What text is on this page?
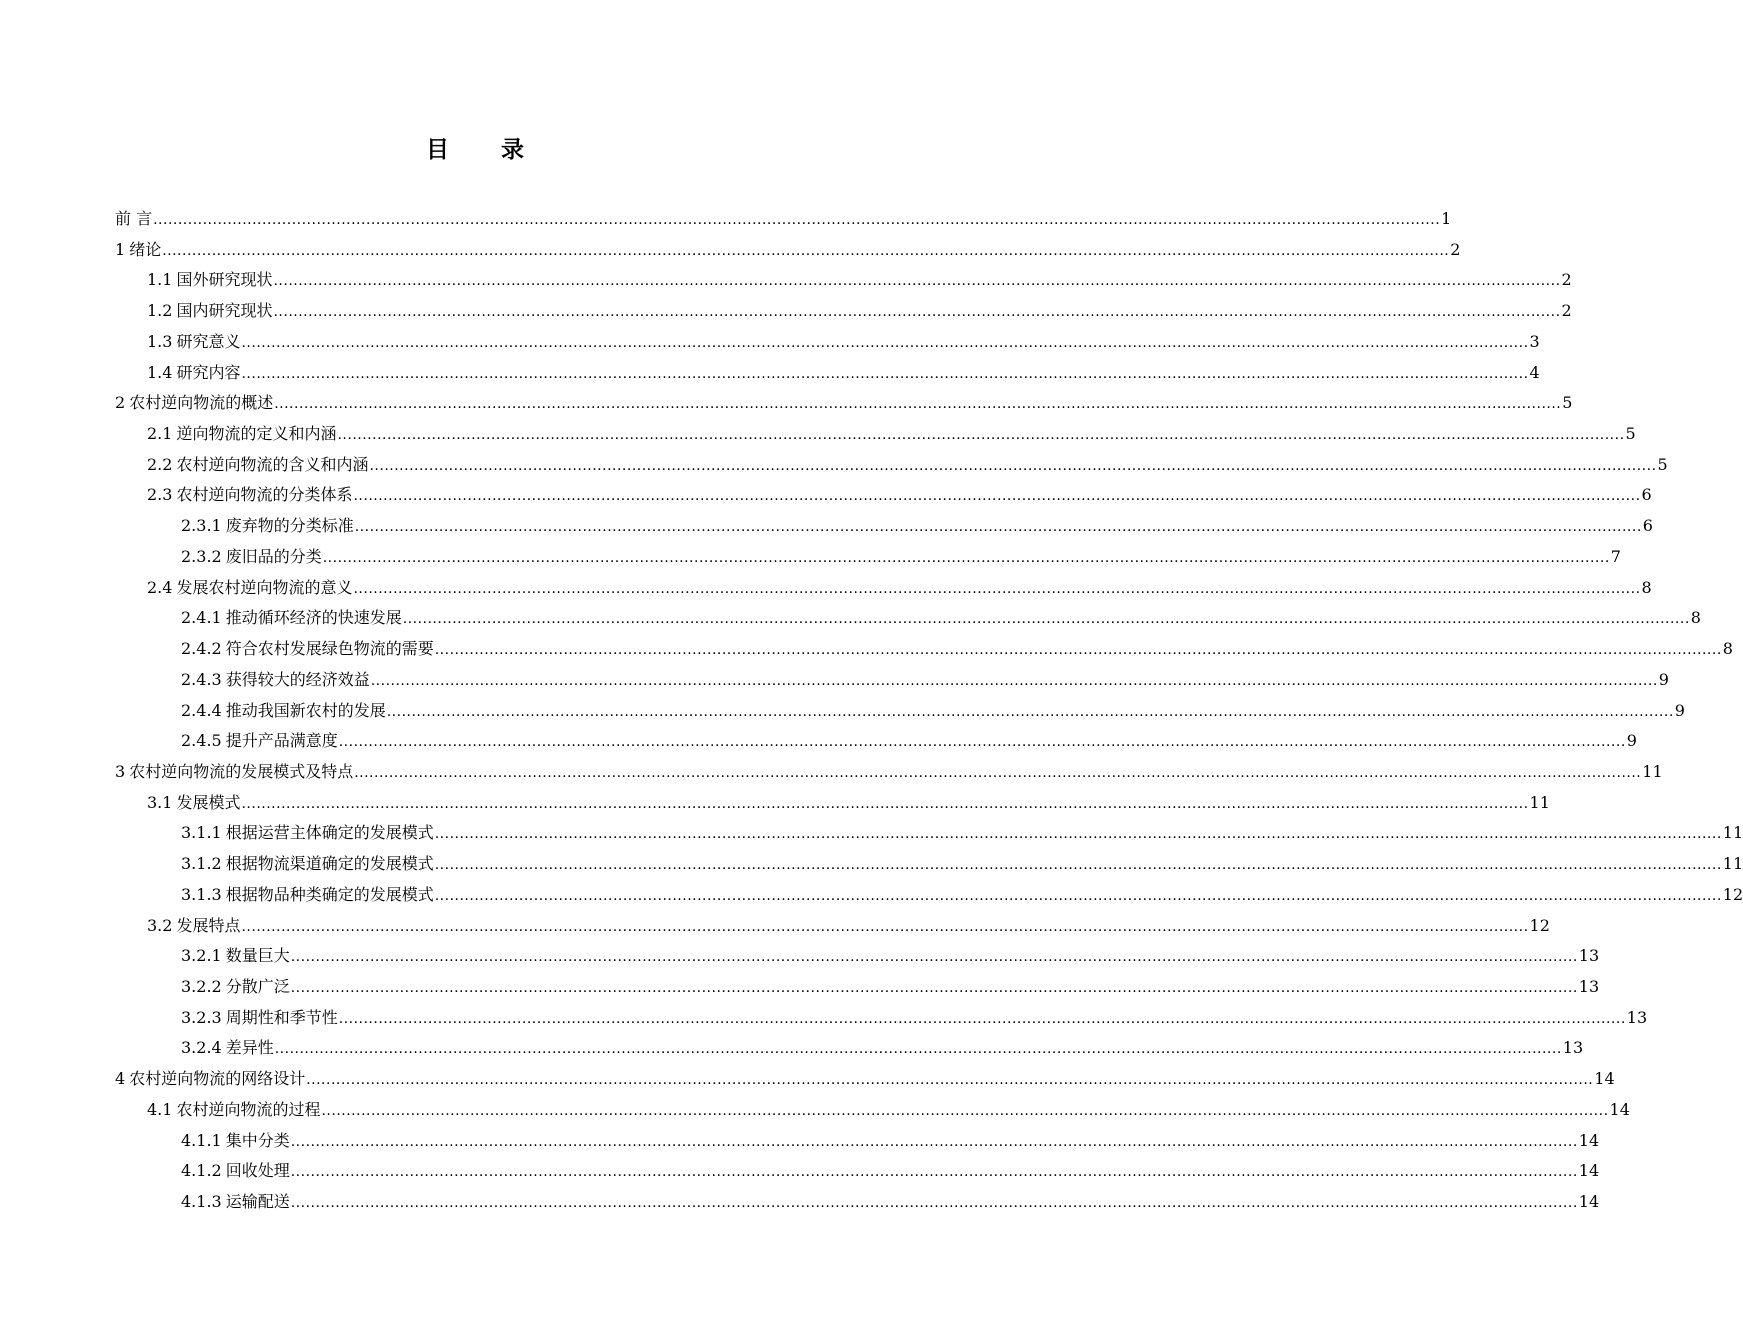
目 录
前 言 .................................................................................................................................................................................................................................................................... 1
1 绪论 .................................................................................................................................................................................................................................................................... 2
1.1 国外研究现状 .................................................................................................................................................................................................................................................................... 2
1.2 国内研究现状 .................................................................................................................................................................................................................................................................... 2
1.3 研究意义 .................................................................................................................................................................................................................................................................... 3
1.4 研究内容 .................................................................................................................................................................................................................................................................... 4
2 农村逆向物流的概述 .................................................................................................................................................................................................................................................................... 5
2.1 逆向物流的定义和内涵 .................................................................................................................................................................................................................................................................... 5
2.2 农村逆向物流的含义和内涵 .................................................................................................................................................................................................................................................................... 5
2.3 农村逆向物流的分类体系 .................................................................................................................................................................................................................................................................... 6
2.3.1 废弃物的分类标准 .................................................................................................................................................................................................................................................................... 6
2.3.2 废旧品的分类 .................................................................................................................................................................................................................................................................... 7
2.4 发展农村逆向物流的意义 .................................................................................................................................................................................................................................................................... 8
2.4.1 推动循环经济的快速发展 .................................................................................................................................................................................................................................................................... 8
2.4.2 符合农村发展绿色物流的需要 .................................................................................................................................................................................................................................................................... 8
2.4.3 获得较大的经济效益 .................................................................................................................................................................................................................................................................... 9
2.4.4 推动我国新农村的发展 .................................................................................................................................................................................................................................................................... 9
2.4.5 提升产品满意度 .................................................................................................................................................................................................................................................................... 9
3 农村逆向物流的发展模式及特点 .................................................................................................................................................................................................................................................................... 11
3.1 发展模式 .................................................................................................................................................................................................................................................................... 11
3.1.1 根据运营主体确定的发展模式 .................................................................................................................................................................................................................................................................... 11
3.1.2 根据物流渠道确定的发展模式 .................................................................................................................................................................................................................................................................... 11
3.1.3 根据物品种类确定的发展模式 .................................................................................................................................................................................................................................................................... 12
3.2 发展特点 .................................................................................................................................................................................................................................................................... 12
3.2.1 数量巨大 .................................................................................................................................................................................................................................................................... 13
3.2.2 分散广泛 .................................................................................................................................................................................................................................................................... 13
3.2.3 周期性和季节性 .................................................................................................................................................................................................................................................................... 13
3.2.4 差异性 .................................................................................................................................................................................................................................................................... 13
4 农村逆向物流的网络设计 .................................................................................................................................................................................................................................................................... 14
4.1 农村逆向物流的过程 .................................................................................................................................................................................................................................................................... 14
4.1.1 集中分类 .................................................................................................................................................................................................................................................................... 14
4.1.2 回收处理 .................................................................................................................................................................................................................................................................... 14
4.1.3 运输配送 .................................................................................................................................................................................................................................................................... 14
